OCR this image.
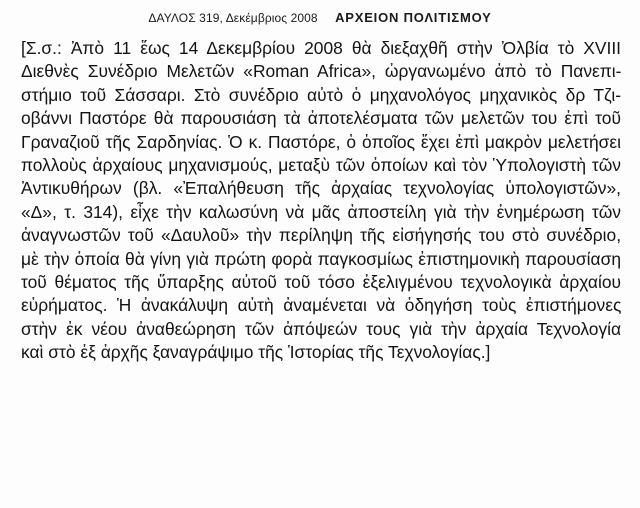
ΔΑΥΛΟΣ 319, Δεκέμβριος 2008 ΑΡΧΕΙΟΝ ΠΟΛΙΤΙΣΜΟΥ
[Σ.σ.: Ἀπὸ 11 ἕως 14 Δεκεμβρίου 2008 θὰ διεξαχθῆ στὴν Ὀλβία τὸ XVIII
Διεθνὲς Συνέδριο Μελετῶν «Roman Africa», ὠργανωμένο ἀπὸ τὸ Πανεπι-
στήμιο τοῦ Σάσσαρι. Στὸ συνέδριο αὐτὸ ὁ μηχανολόγος μηχανικὸς δρ Τζι-
οβάννι Παστόρε θὰ παρουσιάση τὰ ἀποτελέσματα τῶν μελετῶν του ἐπὶ τοῦ
Γραναζιοῦ τῆς Σαρδηνίας. Ὁ κ. Παστόρε, ὁ ὁποῖος ἔχει ἐπὶ μακρὸν μελετήσει
πολλοὺς ἀρχαίους μηχανισμούς, μεταξὺ τῶν ὁποίων καὶ τὸν Ὑπολογιστὴ τῶν
Ἀντικυθήρων (βλ. «Ἐπαλήθευση τῆς ἀρχαίας τεχνολογίας ὑπολογιστῶν»,
«Δ», τ. 314), εἶχε τὴν καλωσύνη νὰ μᾶς ἀποστείλη γιὰ τὴν ἐνημέρωση τῶν
ἀναγνωστῶν τοῦ «Δαυλοῦ» τὴν περίληψη τῆς εἰσήγησής του στὸ συνέδριο,
μὲ τὴν ὁποία θὰ γίνη γιὰ πρώτη φορὰ παγκοσμίως ἐπιστημονικὴ παρουσίαση
τοῦ θέματος τῆς ὕπαρξης αὐτοῦ τοῦ τόσο ἐξελιγμένου τεχνολογικὰ ἀρχαίου
εὑρήματος. Ἡ ἀνακάλυψη αὐτὴ ἀναμένεται νὰ ὁδηγήση τοὺς ἐπιστήμονες
στὴν ἐκ νέου ἀναθεώρηση τῶν ἀπόψεών τους γιὰ τὴν ἀρχαία Τεχνολογία
καὶ στὸ ἐξ ἀρχῆς ξαναγράψιμο τῆς Ἱστορίας τῆς Τεχνολογίας.]
